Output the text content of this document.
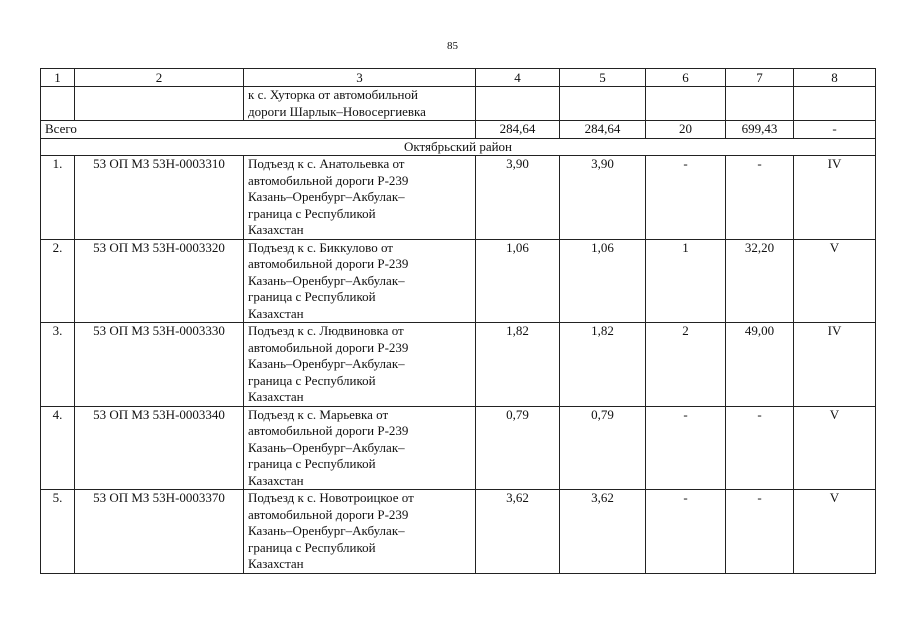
85
1	2	3	4	5	6	7	8

		к с. Хуторка от автомобильной
дороги Шарлык–Новосергиевка					

Всего			284,64	284,64	20	699,43	-
Октябрьский район							
1.	53 ОП МЗ 53Н-0003310	Подъезд к с. Анатольевка от
автомобильной дороги Р-239
Казань–Оренбург–Акбулак–
граница с Республикой
Казахстан	3,90	3,90	-	-	IV
2.	53 ОП МЗ 53Н-0003320	Подъезд к с. Биккулово от
автомобильной дороги Р-239
Казань–Оренбург–Акбулак–
граница с Республикой
Казахстан	1,06	1,06	1	32,20	V
3.	53 ОП МЗ 53Н-0003330	Подъезд к с. Людвиновка от
автомобильной дороги Р-239
Казань–Оренбург–Акбулак–
граница с Республикой
Казахстан	1,82	1,82	2	49,00	IV
4.	53 ОП МЗ 53Н-0003340	Подъезд к с. Марьевка от
автомобильной дороги Р-239
Казань–Оренбург–Акбулак–
граница с Республикой
Казахстан	0,79	0,79	-	-	V
5.	53 ОП МЗ 53Н-0003370	Подъезд к с. Новотроицкое от
автомобильной дороги Р-239
Казань–Оренбург–Акбулак–
граница с Республикой
Казахстан	3,62	3,62	-	-	V
